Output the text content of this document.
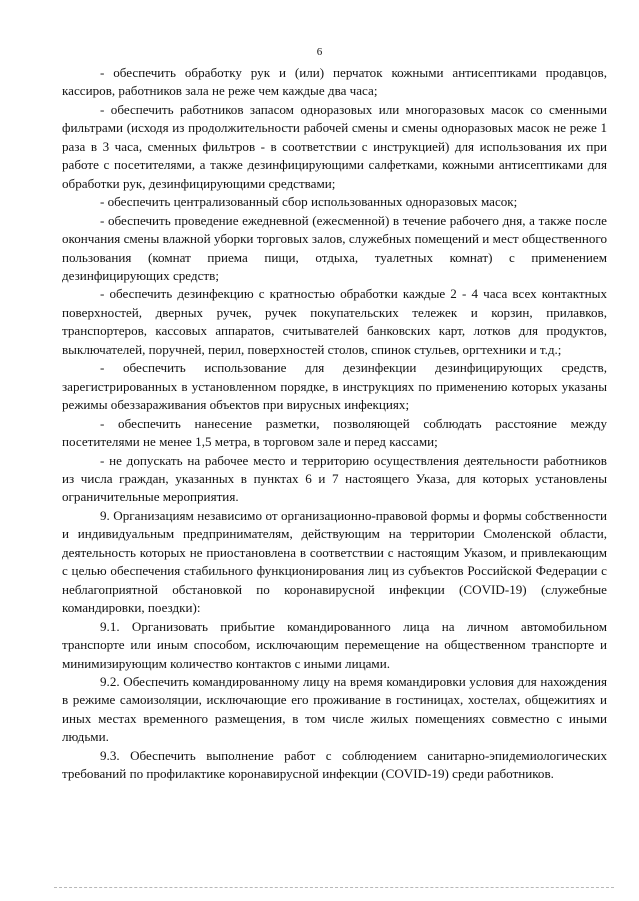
6

- обеспечить обработку рук и (или) перчаток кожными антисептиками продавцов, кассиров, работников зала не реже чем каждые два часа;

- обеспечить работников запасом одноразовых или многоразовых масок со сменными фильтрами (исходя из продолжительности рабочей смены и смены одноразовых масок не реже 1 раза в 3 часа, сменных фильтров - в соответствии с инструкцией) для использования их при работе с посетителями, а также дезинфицирующими салфетками, кожными антисептиками для обработки рук, дезинфицирующими средствами;

- обеспечить централизованный сбор использованных одноразовых масок;

- обеспечить проведение ежедневной (ежесменной) в течение рабочего дня, а также после окончания смены влажной уборки торговых залов, служебных помещений и мест общественного пользования (комнат приема пищи, отдыха, туалетных комнат) с применением дезинфицирующих средств;

- обеспечить дезинфекцию с кратностью обработки каждые 2 - 4 часа всех контактных поверхностей, дверных ручек, ручек покупательских тележек и корзин, прилавков, транспортеров, кассовых аппаратов, считывателей банковских карт, лотков для продуктов, выключателей, поручней, перил, поверхностей столов, спинок стульев, оргтехники и т.д.;

- обеспечить использование для дезинфекции дезинфицирующих средств, зарегистрированных в установленном порядке, в инструкциях по применению которых указаны режимы обеззараживания объектов при вирусных инфекциях;

- обеспечить нанесение разметки, позволяющей соблюдать расстояние между посетителями не менее 1,5 метра, в торговом зале и перед кассами;

- не допускать на рабочее место и территорию осуществления деятельности работников из числа граждан, указанных в пунктах 6 и 7 настоящего Указа, для которых установлены ограничительные мероприятия.

9. Организациям независимо от организационно-правовой формы и формы собственности и индивидуальным предпринимателям, действующим на территории Смоленской области, деятельность которых не приостановлена в соответствии с настоящим Указом, и привлекающим с целью обеспечения стабильного функционирования лиц из субъектов Российской Федерации с неблагоприятной обстановкой по коронавирусной инфекции (COVID-19) (служебные командировки, поездки):

9.1. Организовать прибытие командированного лица на личном автомобильном транспорте или иным способом, исключающим перемещение на общественном транспорте и минимизирующим количество контактов с иными лицами.

9.2. Обеспечить командированному лицу на время командировки условия для нахождения в режиме самоизоляции, исключающие его проживание в гостиницах, хостелах, общежитиях и иных местах временного размещения, в том числе жилых помещениях совместно с иными людьми.

9.3. Обеспечить выполнение работ с соблюдением санитарно-эпидемиологических требований по профилактике коронавирусной инфекции (COVID-19) среди работников.
